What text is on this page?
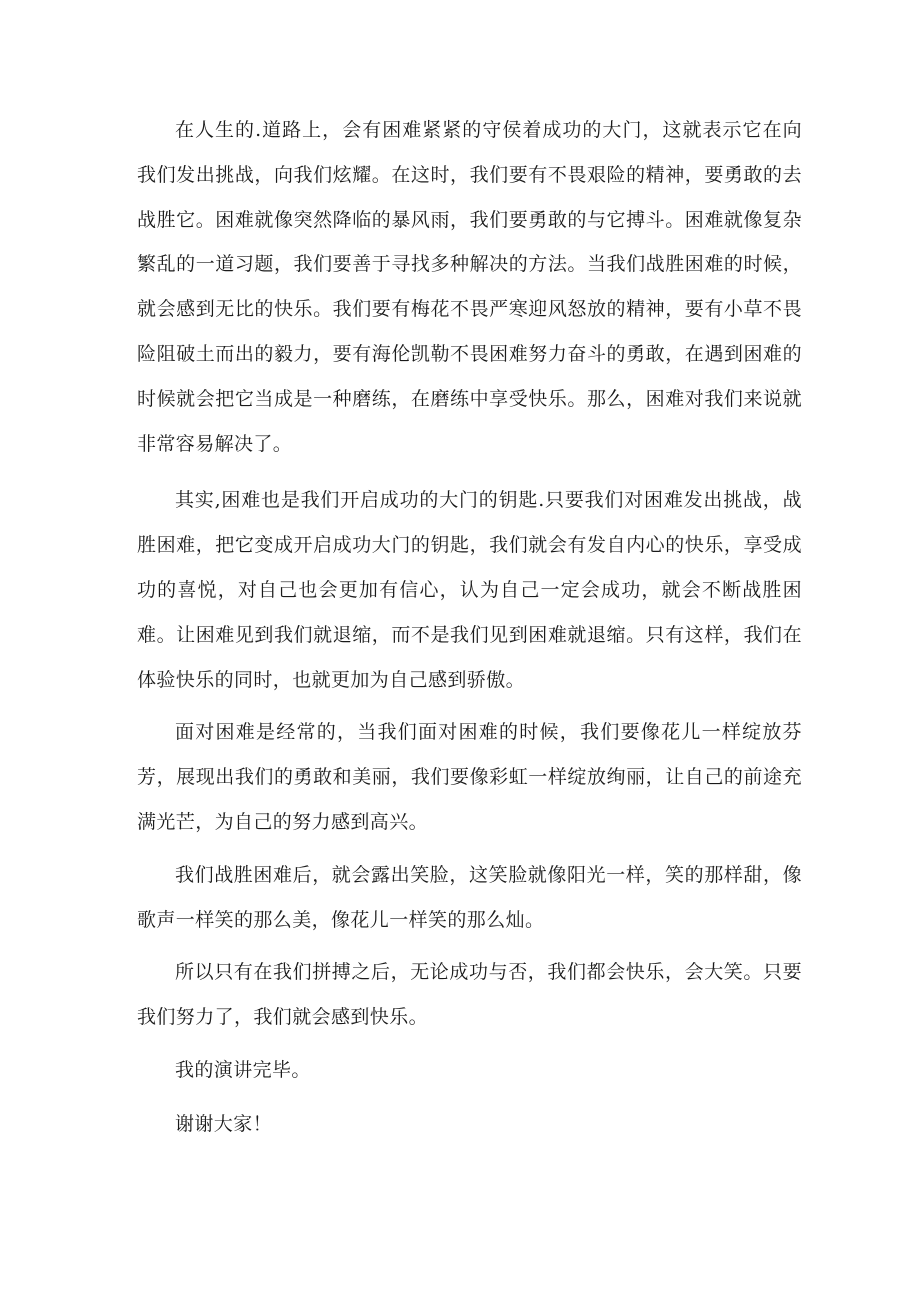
在人生的.道路上，会有困难紧紧的守侯着成功的大门，这就表示它在向我们发出挑战，向我们炫耀。在这时，我们要有不畏艰险的精神，要勇敢的去战胜它。困难就像突然降临的暴风雨，我们要勇敢的与它搏斗。困难就像复杂繁乱的一道习题，我们要善于寻找多种解决的方法。当我们战胜困难的时候，就会感到无比的快乐。我们要有梅花不畏严寒迎风怒放的精神，要有小草不畏险阻破土而出的毅力，要有海伦凯勒不畏困难努力奋斗的勇敢，在遇到困难的时候就会把它当成是一种磨练，在磨练中享受快乐。那么，困难对我们来说就非常容易解决了。

其实,困难也是我们开启成功的大门的钥匙.只要我们对困难发出挑战，战胜困难，把它变成开启成功大门的钥匙，我们就会有发自内心的快乐，享受成功的喜悦，对自己也会更加有信心，认为自己一定会成功，就会不断战胜困难。让困难见到我们就退缩，而不是我们见到困难就退缩。只有这样，我们在体验快乐的同时，也就更加为自己感到骄傲。

面对困难是经常的，当我们面对困难的时候，我们要像花儿一样绽放芬芳，展现出我们的勇敢和美丽，我们要像彩虹一样绽放绚丽，让自己的前途充满光芒，为自己的努力感到高兴。

我们战胜困难后，就会露出笑脸，这笑脸就像阳光一样，笑的那样甜，像歌声一样笑的那么美，像花儿一样笑的那么灿。

所以只有在我们拼搏之后，无论成功与否，我们都会快乐，会大笑。只要我们努力了，我们就会感到快乐。

我的演讲完毕。

谢谢大家！
